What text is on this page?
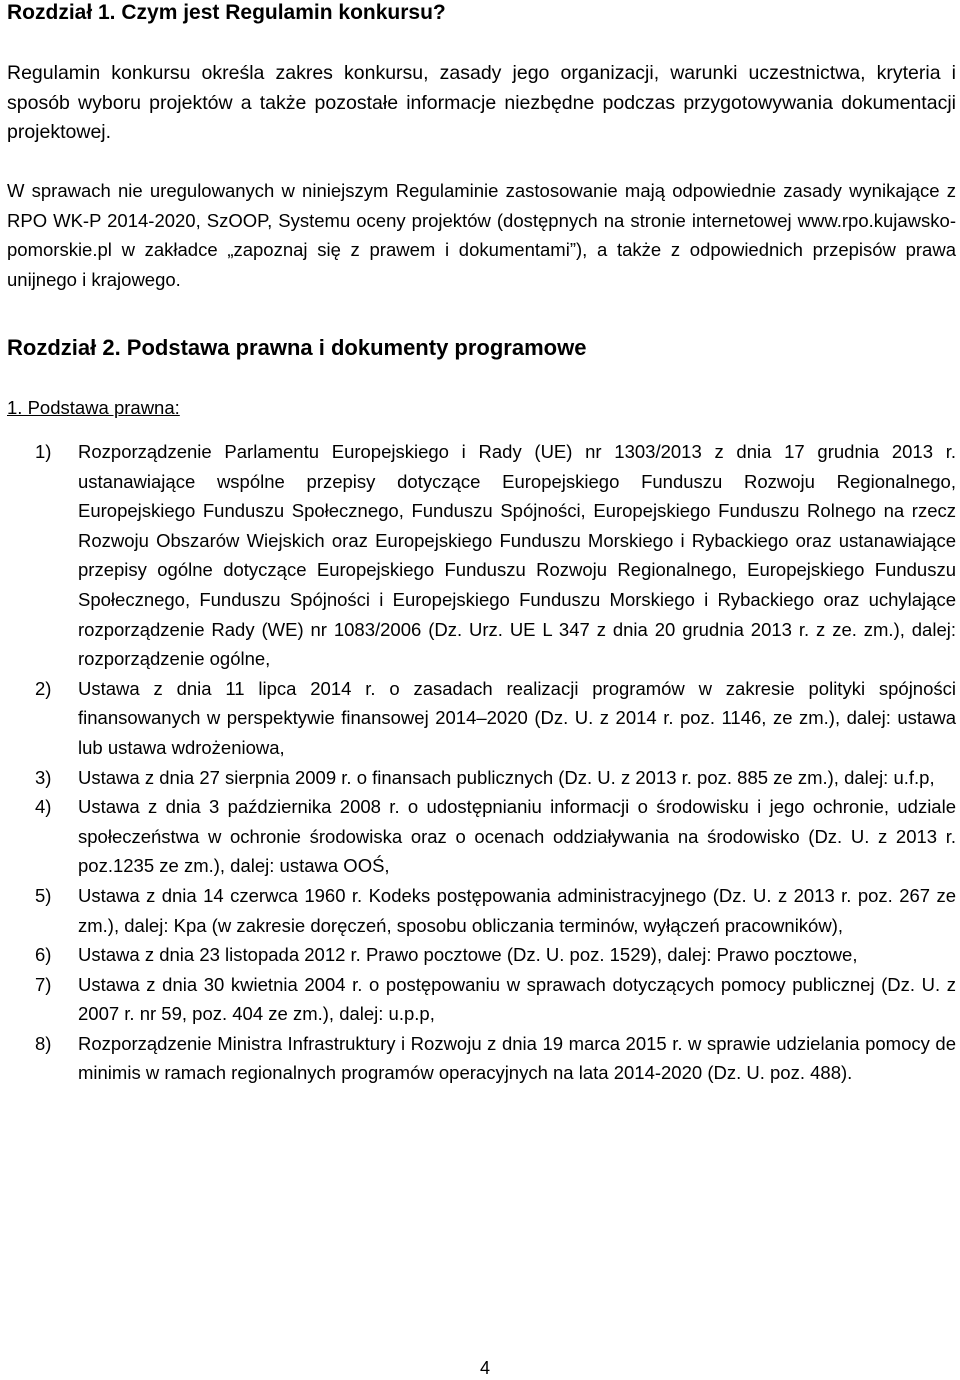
Rozdział 1. Czym jest Regulamin konkursu?

Regulamin konkursu określa zakres konkursu, zasady jego organizacji, warunki uczestnictwa, kryteria i sposób wyboru projektów a także pozostałe informacje niezbędne podczas przygotowywania dokumentacji projektowej.

W sprawach nie uregulowanych w niniejszym Regulaminie zastosowanie mają odpowiednie zasady wynikające z RPO WK-P 2014-2020, SzOOP, Systemu oceny projektów (dostępnych na stronie internetowej www.rpo.kujawsko-pomorskie.pl w zakładce „zapoznaj się z prawem i dokumentami”), a także z odpowiednich przepisów prawa unijnego i krajowego.

Rozdział 2. Podstawa prawna i dokumenty programowe
1. Podstawa prawna:
1) Rozporządzenie Parlamentu Europejskiego i Rady (UE) nr 1303/2013 z dnia 17 grudnia 2013 r. ustanawiające wspólne przepisy dotyczące Europejskiego Funduszu Rozwoju Regionalnego, Europejskiego Funduszu Społecznego, Funduszu Spójności, Europejskiego Funduszu Rolnego na rzecz Rozwoju Obszarów Wiejskich oraz Europejskiego Funduszu Morskiego i Rybackiego oraz ustanawiające przepisy ogólne dotyczące Europejskiego Funduszu Rozwoju Regionalnego, Europejskiego Funduszu Społecznego, Funduszu Spójności i Europejskiego Funduszu Morskiego i Rybackiego oraz uchylające rozporządzenie Rady (WE) nr 1083/2006 (Dz. Urz. UE L 347 z dnia 20 grudnia 2013 r. z ze. zm.), dalej: rozporządzenie ogólne,
2) Ustawa z dnia 11 lipca 2014 r. o zasadach realizacji programów w zakresie polityki spójności finansowanych w perspektywie finansowej 2014–2020 (Dz. U. z 2014 r. poz. 1146, ze zm.), dalej: ustawa lub ustawa wdrożeniowa,
3) Ustawa z dnia 27 sierpnia 2009 r. o finansach publicznych (Dz. U. z 2013 r. poz. 885 ze zm.), dalej: u.f.p,
4) Ustawa z dnia 3 października 2008 r. o udostępnianiu informacji o środowisku i jego ochronie, udziale społeczeństwa w ochronie środowiska oraz o ocenach oddziaływania na środowisko (Dz. U. z 2013 r. poz.1235 ze zm.), dalej: ustawa OOŚ,
5) Ustawa z dnia 14 czerwca 1960 r. Kodeks postępowania administracyjnego (Dz. U. z 2013 r. poz. 267 ze zm.), dalej: Kpa (w zakresie doręczeń, sposobu obliczania terminów, wyłączeń pracowników),
6) Ustawa z dnia 23 listopada 2012 r. Prawo pocztowe (Dz. U. poz. 1529), dalej: Prawo pocztowe,
7) Ustawa z dnia 30 kwietnia 2004 r. o postępowaniu w sprawach dotyczących pomocy publicznej (Dz. U. z 2007 r. nr 59, poz. 404 ze zm.), dalej: u.p.p,
8) Rozporządzenie Ministra Infrastruktury i Rozwoju z dnia 19 marca 2015 r. w sprawie udzielania pomocy de minimis w ramach regionalnych programów operacyjnych na lata 2014-2020 (Dz. U. poz. 488).
4
